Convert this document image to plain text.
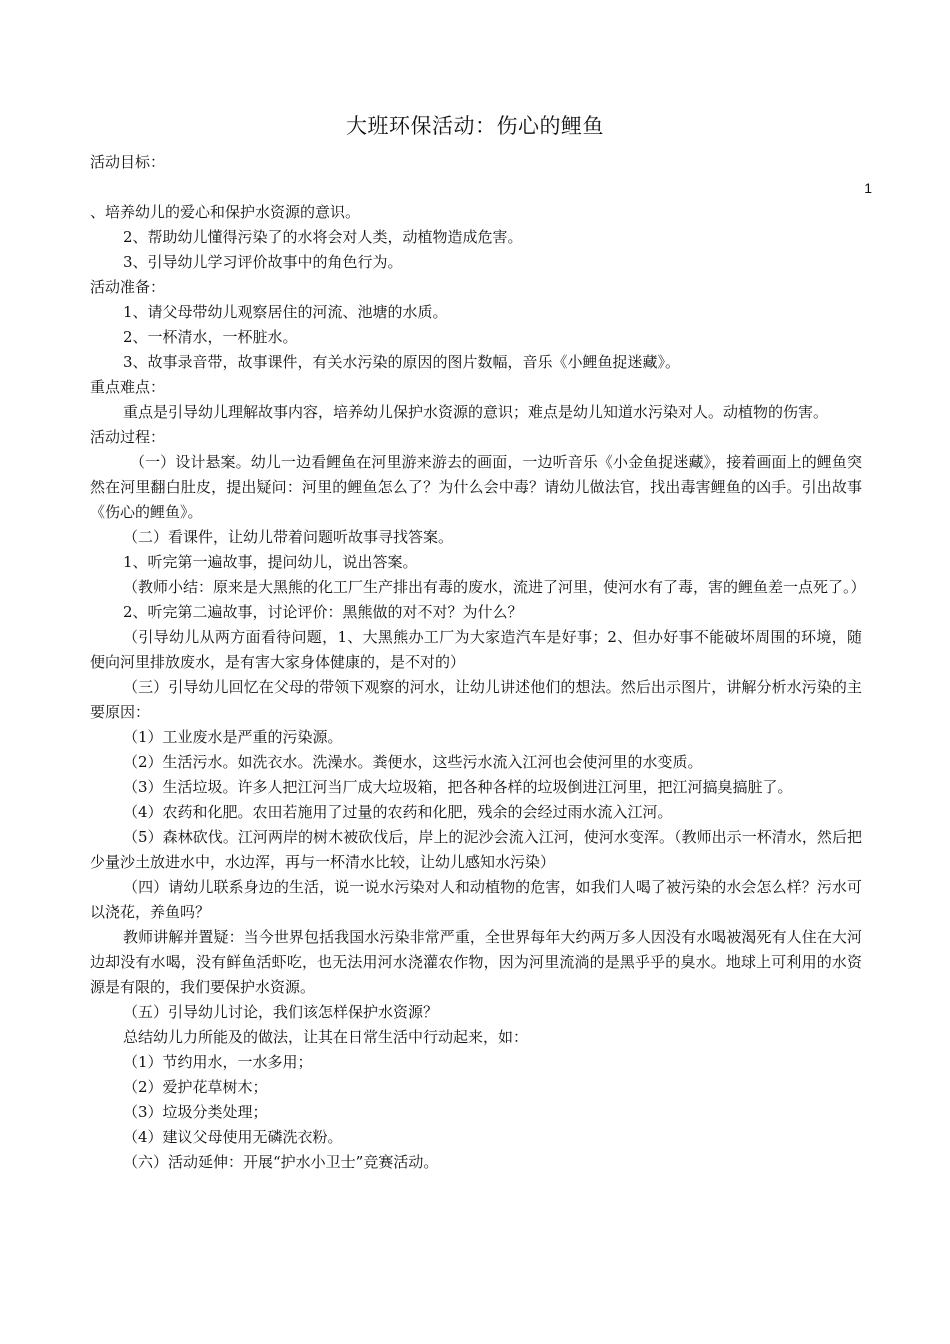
大班环保活动：伤心的鲤鱼
1

活动目标：

、培养幼儿的爱心和保护水资源的意识。

2、帮助幼儿懂得污染了的水将会对人类，动植物造成危害。

3、引导幼儿学习评价故事中的角色行为。

活动准备：

1、请父母带幼儿观察居住的河流、池塘的水质。

2、一杯清水，一杯脏水。

3、故事录音带，故事课件，有关水污染的原因的图片数幅，音乐《小鲤鱼捉迷藏》。

重点难点：

重点是引导幼儿理解故事内容，培养幼儿保护水资源的意识；难点是幼儿知道水污染对人。动植物的伤害。

活动过程：

（一）设计悬案。幼儿一边看鲤鱼在河里游来游去的画面，一边听音乐《小金鱼捉迷藏》，接着画面上的鲤鱼突然在河里翻白肚皮，提出疑问：河里的鲤鱼怎么了？为什么会中毒？请幼儿做法官，找出毒害鲤鱼的凶手。引出故事《伤心的鲤鱼》。

（二）看课件，让幼儿带着问题听故事寻找答案。

1、听完第一遍故事，提问幼儿，说出答案。

（教师小结：原来是大黑熊的化工厂生产排出有毒的废水，流进了河里，使河水有了毒，害的鲤鱼差一点死了。）

2、听完第二遍故事，讨论评价：黑熊做的对不对？为什么？

（引导幼儿从两方面看待问题，1、大黑熊办工厂为大家造汽车是好事；2、但办好事不能破坏周围的环境，随便向河里排放废水，是有害大家身体健康的，是不对的）

（三）引导幼儿回忆在父母的带领下观察的河水，让幼儿讲述他们的想法。然后出示图片，讲解分析水污染的主要原因：

（1）工业废水是严重的污染源。

（2）生活污水。如洗衣水。洗澡水。粪便水，这些污水流入江河也会使河里的水变质。

（3）生活垃圾。许多人把江河当厂成大垃圾箱，把各种各样的垃圾倒进江河里，把江河搞臭搞脏了。

（4）农药和化肥。农田若施用了过量的农药和化肥，残余的会经过雨水流入江河。

（5）森林砍伐。江河两岸的树木被砍伐后，岸上的泥沙会流入江河，使河水变浑。（教师出示一杯清水，然后把少量沙土放进水中，水边浑，再与一杯清水比较，让幼儿感知水污染）

（四）请幼儿联系身边的生活，说一说水污染对人和动植物的危害，如我们人喝了被污染的水会怎么样？污水可以浇花，养鱼吗？

教师讲解并置疑：当今世界包括我国水污染非常严重，全世界每年大约两万多人因没有水喝被渴死有人住在大河边却没有水喝，没有鲜鱼活虾吃，也无法用河水浇灌农作物，因为河里流淌的是黑乎乎的臭水。地球上可利用的水资源是有限的，我们要保护水资源。

（五）引导幼儿讨论，我们该怎样保护水资源？

总结幼儿力所能及的做法，让其在日常生活中行动起来，如：

（1）节约用水，一水多用；

（2）爱护花草树木；

（3）垃圾分类处理；

（4）建议父母使用无磷洗衣粉。

（六）活动延伸：开展“护水小卫士”竞赛活动。
